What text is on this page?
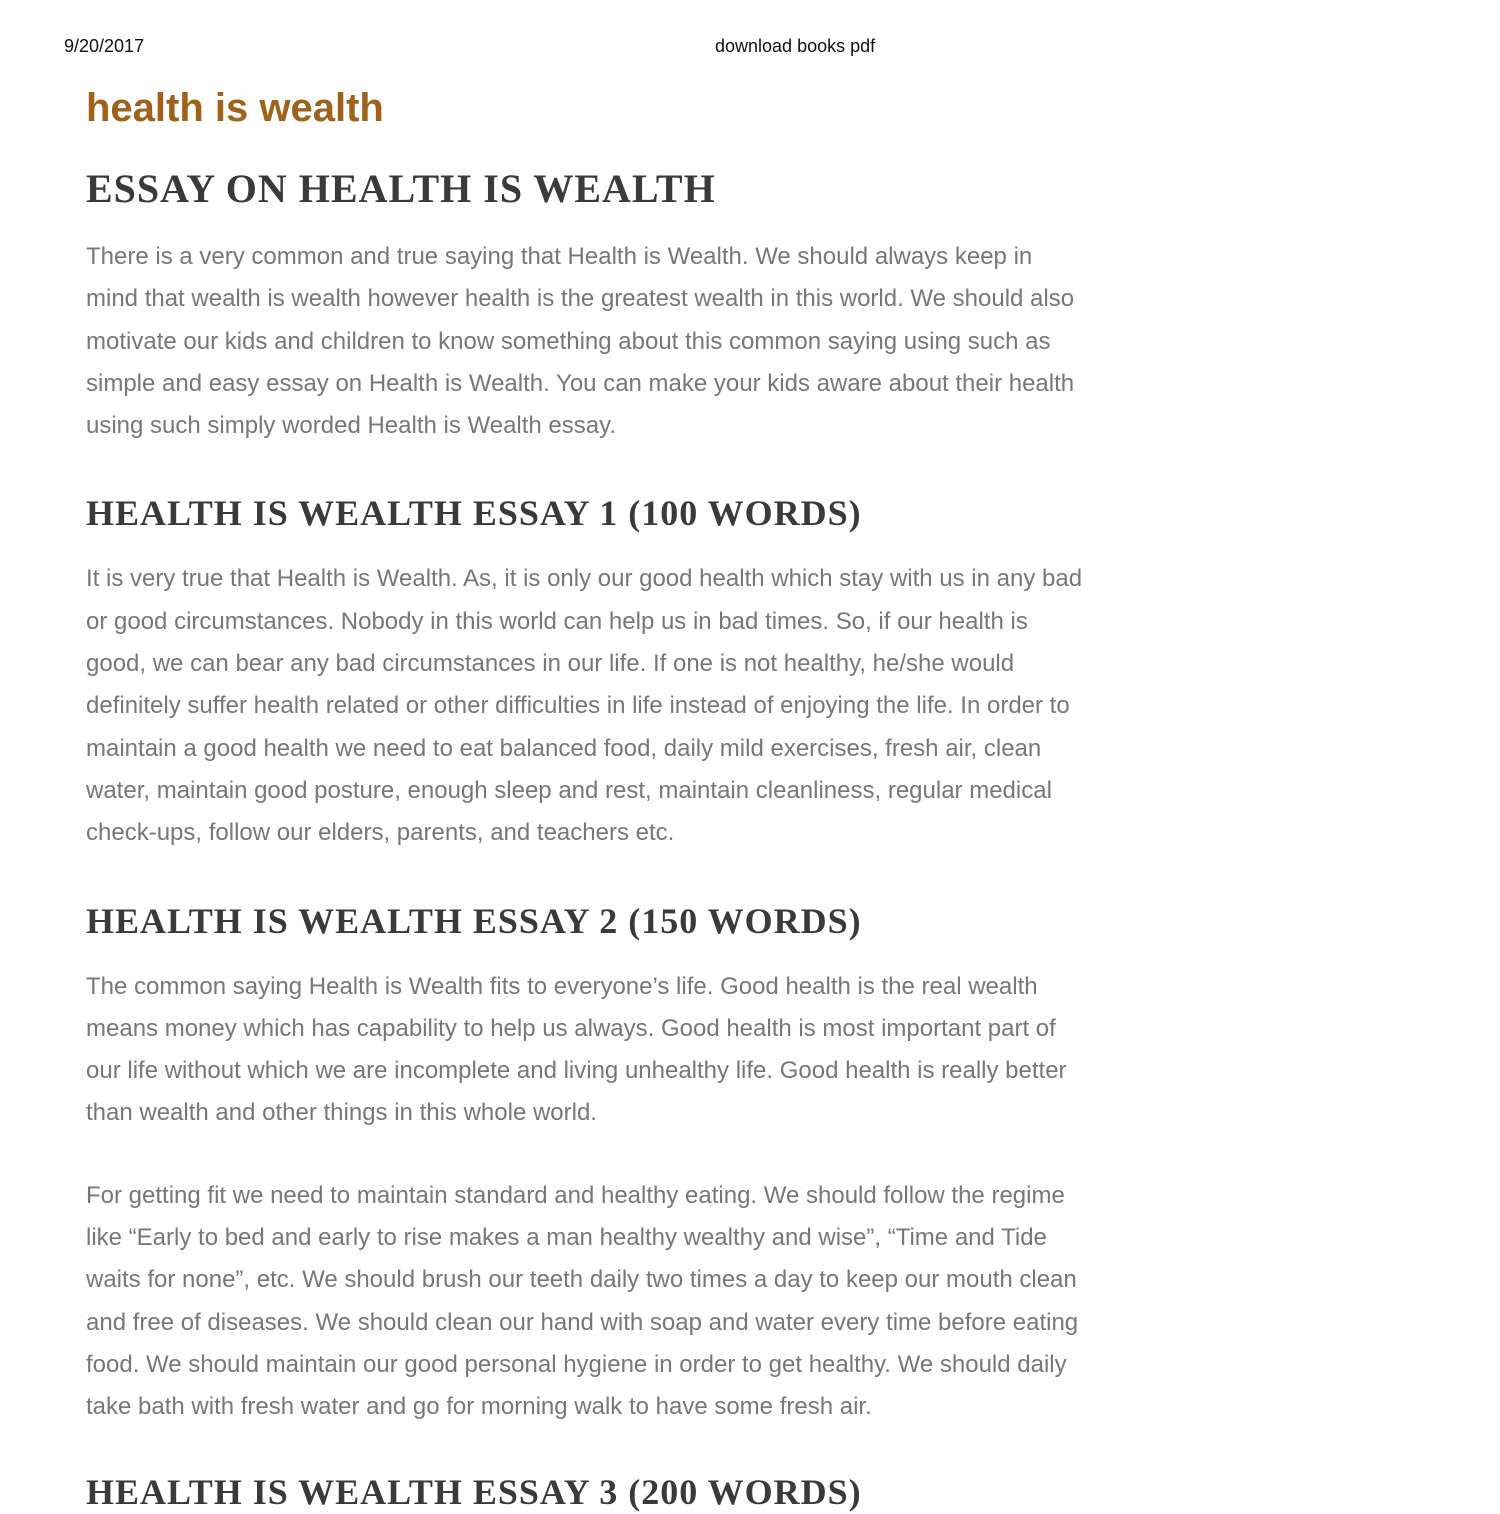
9/20/2017	download books pdf
health is wealth
ESSAY ON HEALTH IS WEALTH
There is a very common and true saying that Health is Wealth. We should always keep in
mind that wealth is wealth however health is the greatest wealth in this world. We should also
motivate our kids and children to know something about this common saying using such as
simple and easy essay on Health is Wealth. You can make your kids aware about their health
using such simply worded Health is Wealth essay.
HEALTH IS WEALTH ESSAY 1 (100 WORDS)
It is very true that Health is Wealth. As, it is only our good health which stay with us in any bad
or good circumstances. Nobody in this world can help us in bad times. So, if our health is
good, we can bear any bad circumstances in our life. If one is not healthy, he/she would
definitely suffer health related or other difficulties in life instead of enjoying the life. In order to
maintain a good health we need to eat balanced food, daily mild exercises, fresh air, clean
water, maintain good posture, enough sleep and rest, maintain cleanliness, regular medical
check-ups, follow our elders, parents, and teachers etc.
HEALTH IS WEALTH ESSAY 2 (150 WORDS)
The common saying Health is Wealth fits to everyone’s life. Good health is the real wealth
means money which has capability to help us always. Good health is most important part of
our life without which we are incomplete and living unhealthy life. Good health is really better
than wealth and other things in this whole world.
For getting fit we need to maintain standard and healthy eating. We should follow the regime
like “Early to bed and early to rise makes a man healthy wealthy and wise”, “Time and Tide
waits for none”, etc. We should brush our teeth daily two times a day to keep our mouth clean
and free of diseases. We should clean our hand with soap and water every time before eating
food. We should maintain our good personal hygiene in order to get healthy. We should daily
take bath with fresh water and go for morning walk to have some fresh air.
HEALTH IS WEALTH ESSAY 3 (200 WORDS)
